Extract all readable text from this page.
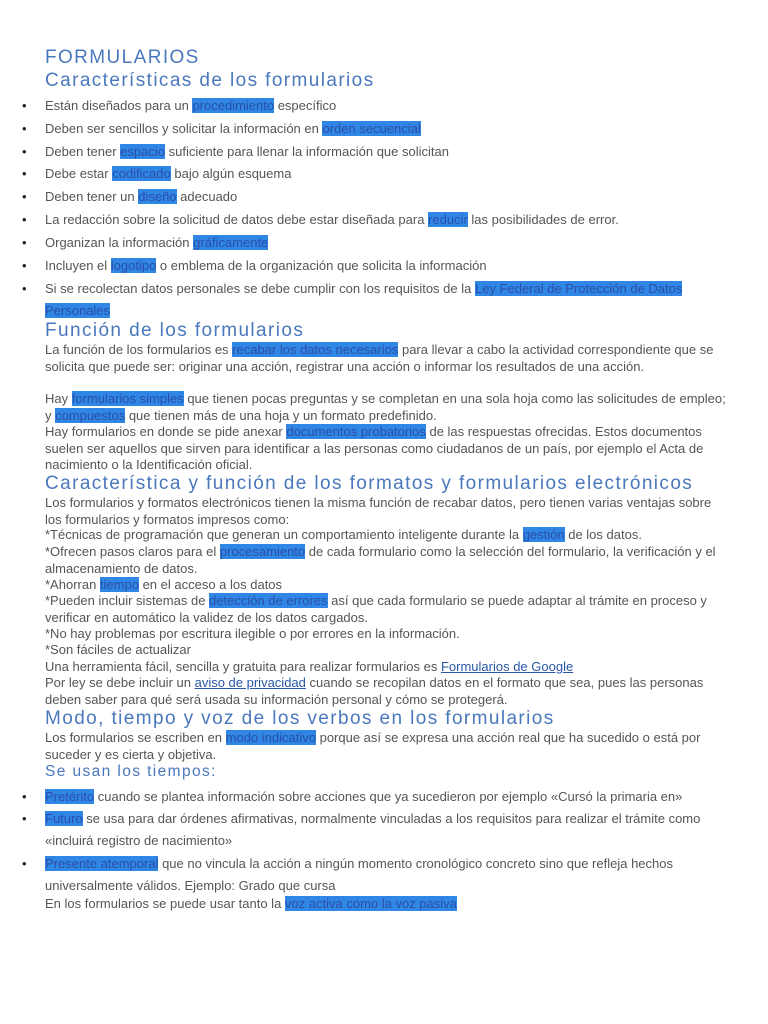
FORMULARIOS
Características de los formularios
• Están diseñados para un procedimiento específico
• Deben ser sencillos y solicitar la información en orden secuencial
• Deben tener espacio suficiente para llenar la información que solicitan
• Debe estar codificado bajo algún esquema
• Deben tener un diseño adecuado
• La redacción sobre la solicitud de datos debe estar diseñada para reducir las posibilidades de error.
• Organizan la información gráficamente
• Incluyen el logotipo o emblema de la organización que solicita la información
• Si se recolectan datos personales se debe cumplir con los requisitos de la Ley Federal de Protección de Datos Personales
Función de los formularios
La función de los formularios es recabar los datos necesarios para llevar a cabo la actividad correspondiente que se solicita que puede ser: originar una acción, registrar una acción o informar los resultados de una acción.
Hay formularios simples que tienen pocas preguntas y se completan en una sola hoja como las solicitudes de empleo; y compuestos que tienen más de una hoja y un formato predefinido.
Hay formularios en donde se pide anexar documentos probatorios de las respuestas ofrecidas. Estos documentos suelen ser aquellos que sirven para identificar a las personas como ciudadanos de un país, por ejemplo el Acta de nacimiento o la Identificación oficial.
Característica y función de los formatos y formularios electrónicos
Los formularios y formatos electrónicos tienen la misma función de recabar datos, pero tienen varias ventajas sobre los formularios y formatos impresos como:
*Técnicas de programación que generan un comportamiento inteligente durante la gestión de los datos.
*Ofrecen pasos claros para el procesamiento de cada formulario como la selección del formulario, la verificación y el almacenamiento de datos.
*Ahorran tiempo en el acceso a los datos
*Pueden incluir sistemas de detección de errores así que cada formulario se puede adaptar al trámite en proceso y verificar en automático la validez de los datos cargados.
*No hay problemas por escritura ilegible o por errores en la información.
*Son fáciles de actualizar
Una herramienta fácil, sencilla y gratuita para realizar formularios es Formularios de Google
Por ley se debe incluir un aviso de privacidad cuando se recopilan datos en el formato que sea, pues las personas deben saber para qué será usada su información personal y cómo se protegerá.
Modo, tiempo y voz de los verbos en los formularios
Los formularios se escriben en modo indicativo porque así se expresa una acción real que ha sucedido o está por suceder y es cierta y objetiva.
Se usan los tiempos:
• Pretérito cuando se plantea información sobre acciones que ya sucedieron por ejemplo «Cursó la primaria en»
• Futuro se usa para dar órdenes afirmativas, normalmente vinculadas a los requisitos para realizar el trámite como «incluirá registro de nacimiento»
• Presente atemporal que no vincula la acción a ningún momento cronológico concreto sino que refleja hechos universalmente válidos. Ejemplo: Grado que cursa
En los formularios se puede usar tanto la voz activa como la voz pasiva
